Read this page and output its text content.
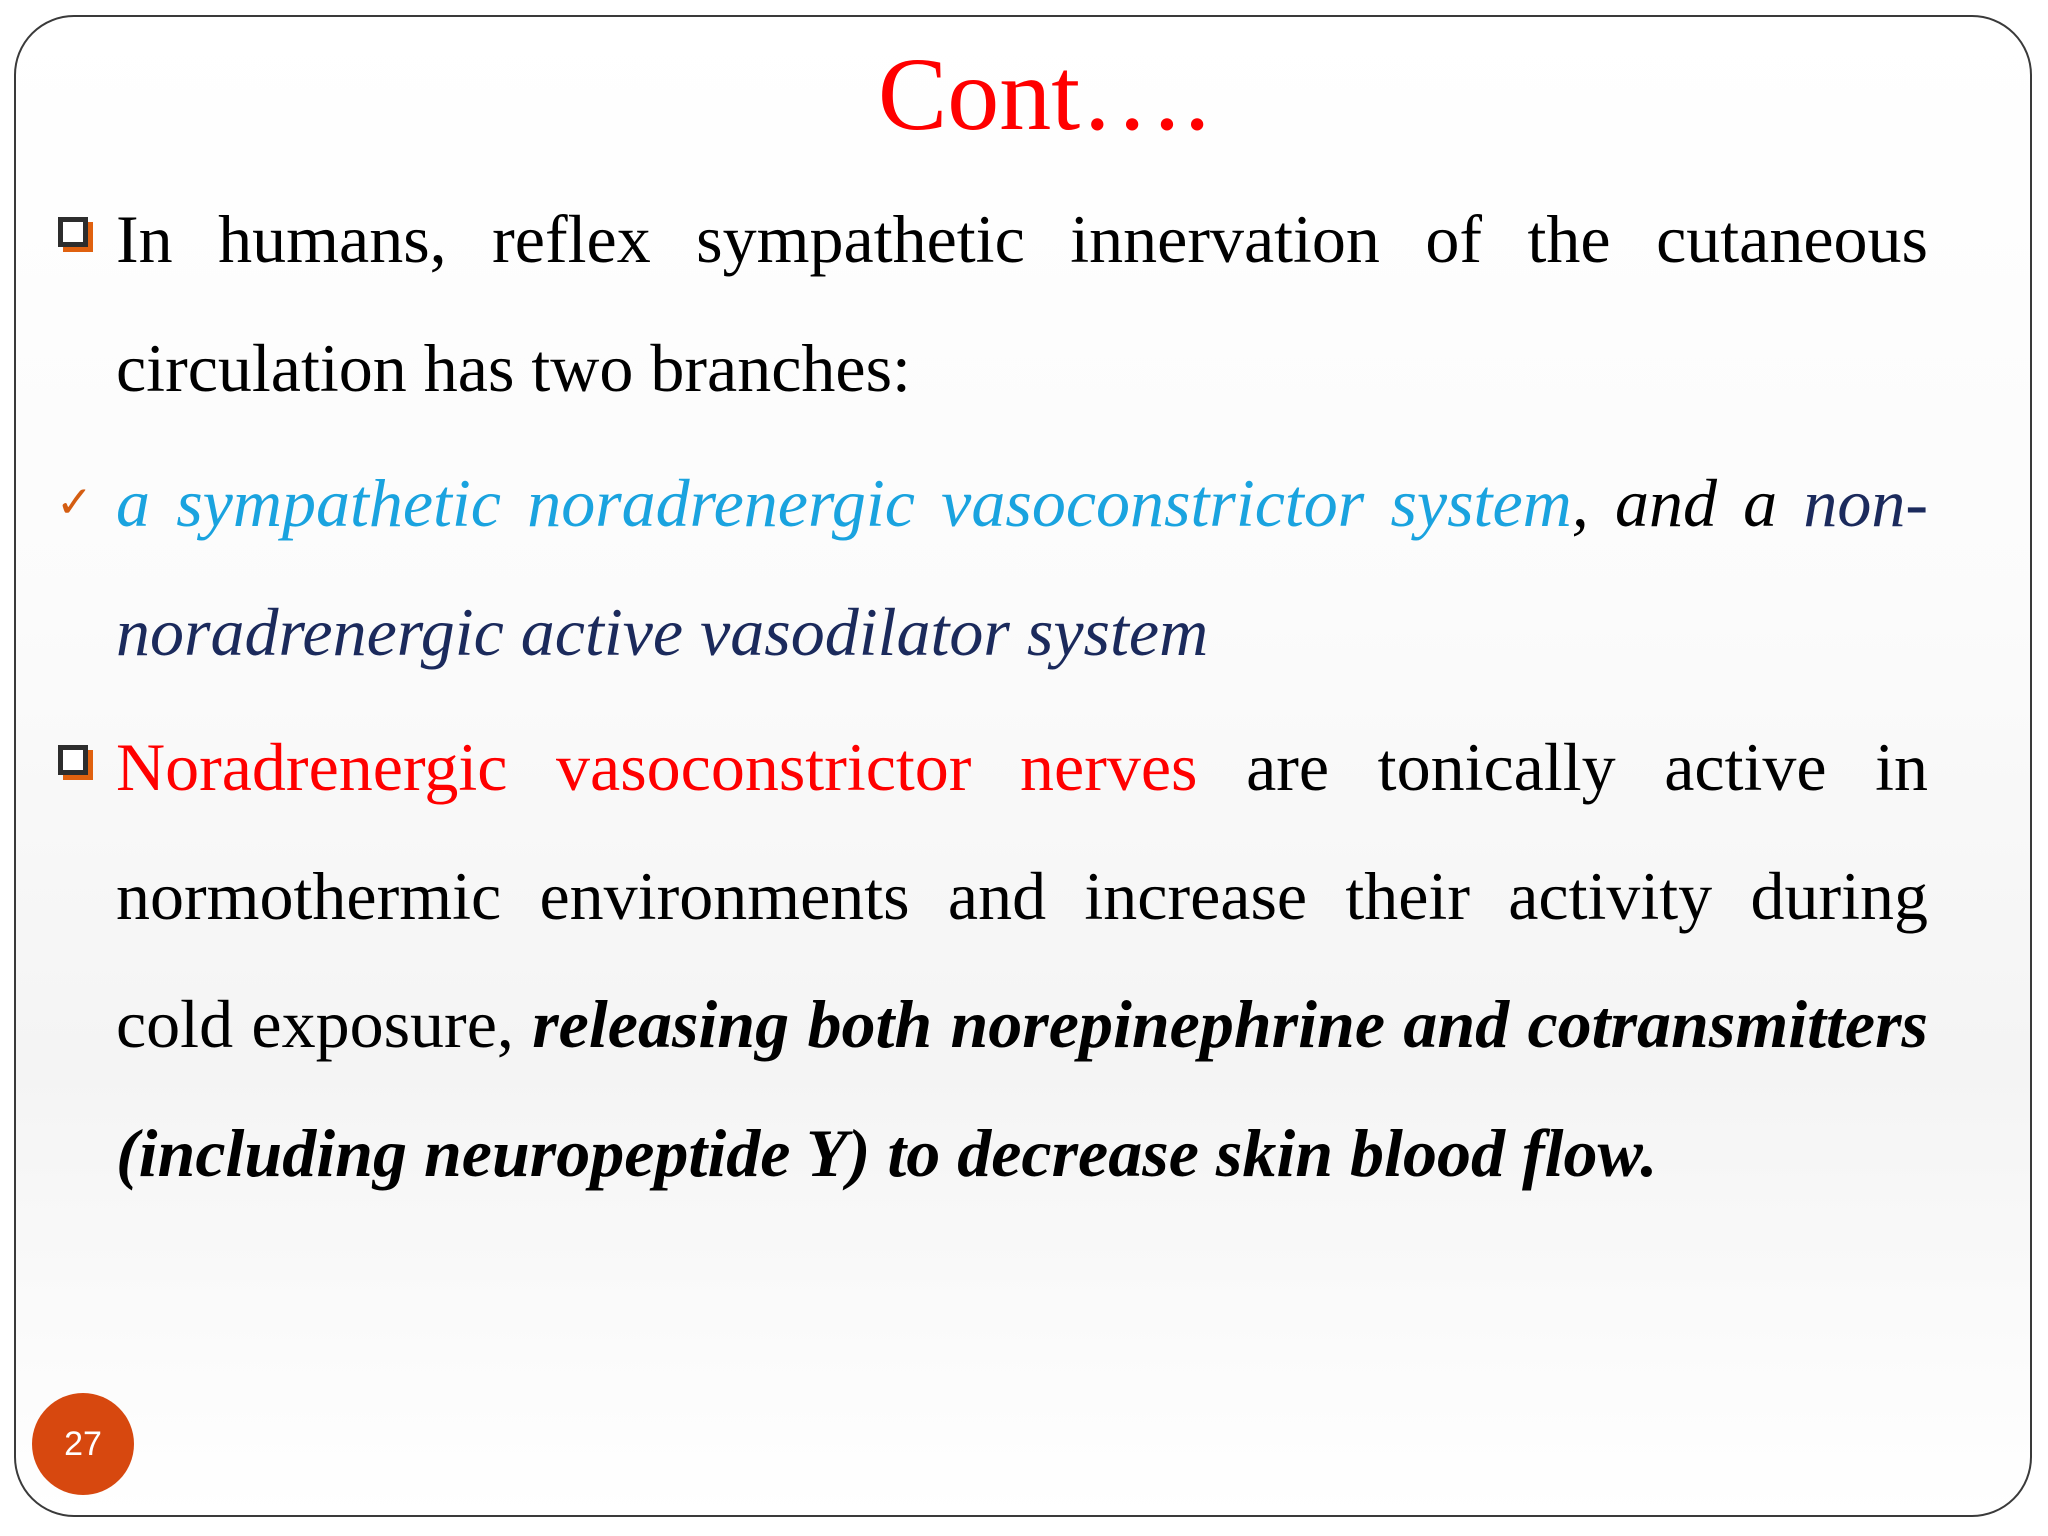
Cont….

In humans, reflex sympathetic innervation of the cutaneous circulation has two branches:

✓ a sympathetic noradrenergic vasoconstrictor system, and a non-noradrenergic active vasodilator system

Noradrenergic vasoconstrictor nerves are tonically active in normothermic environments and increase their activity during cold exposure, releasing both norepinephrine and cotransmitters (including neuropeptide Y) to decrease skin blood flow.

27
